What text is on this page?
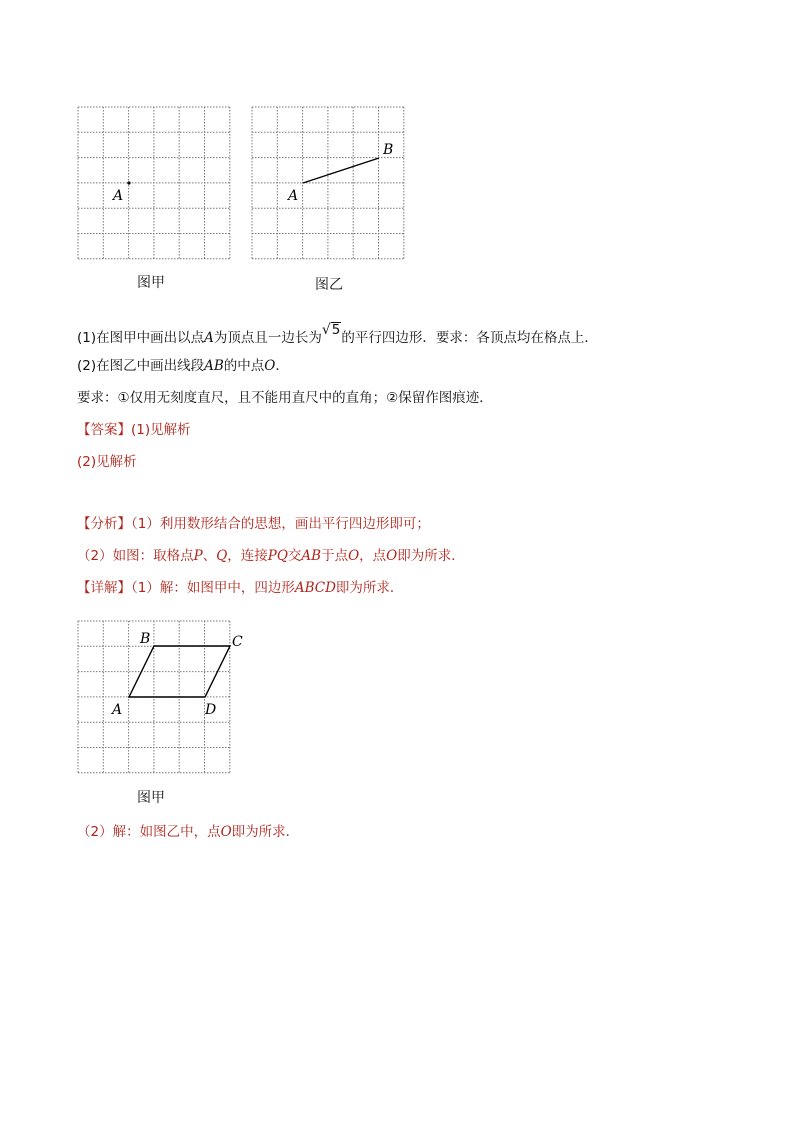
A
图甲
A
B
图乙
(1)在图甲中画出以点A为顶点且一边长为√5的平行四边形．要求：各顶点均在格点上．
(2)在图乙中画出线段AB的中点O．
要求：①仅用无刻度直尺，且不能用直尺中的直角；②保留作图痕迹．
【答案】(1)见解析
(2)见解析
【分析】（1）利用数形结合的思想，画出平行四边形即可；
（2）如图：取格点P、Q，连接PQ交AB于点O，点O即为所求．
【详解】（1）解：如图甲中，四边形ABCD即为所求．
A
B	C
D
图甲
（2）解：如图乙中，点O即为所求．
